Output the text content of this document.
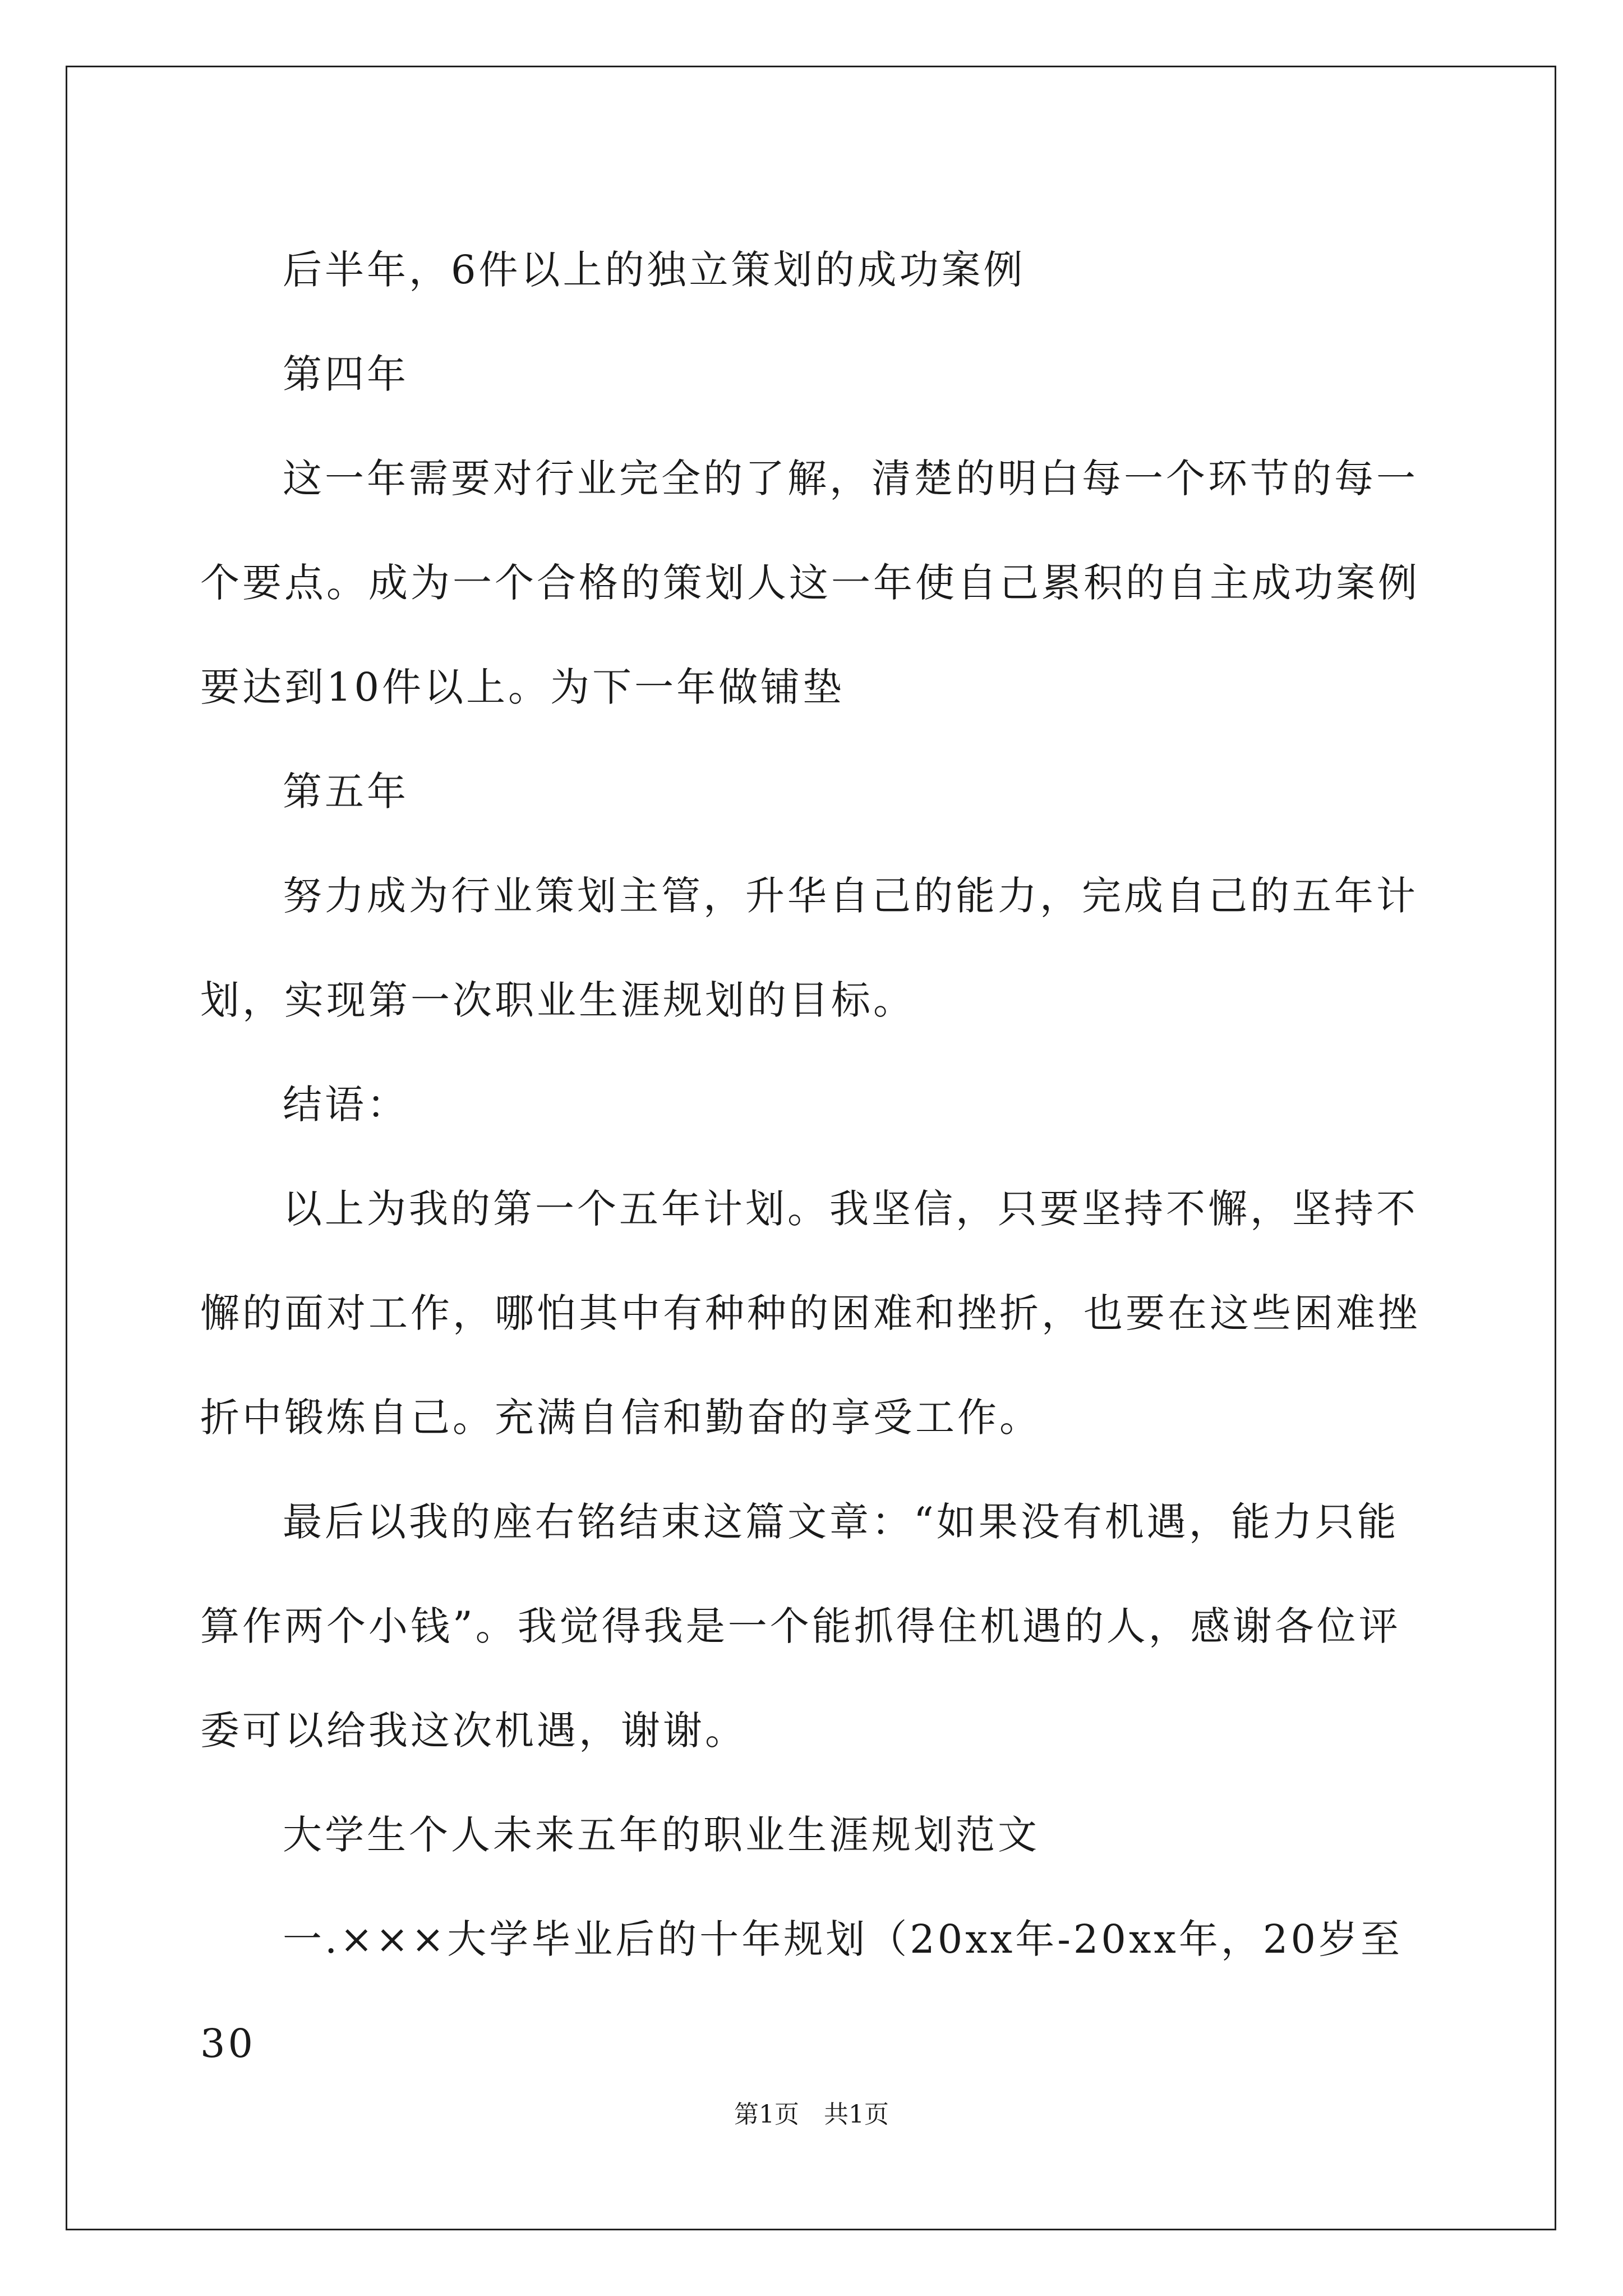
后半年，6件以上的独立策划的成功案例

第四年

这一年需要对行业完全的了解，清楚的明白每一个环节的每一个要点。成为一个合格的策划人这一年使自己累积的自主成功案例要达到10件以上。为下一年做铺垫

第五年

努力成为行业策划主管，升华自己的能力，完成自己的五年计划，实现第一次职业生涯规划的目标。

结语：

以上为我的第一个五年计划。我坚信，只要坚持不懈，坚持不懈的面对工作，哪怕其中有种种的困难和挫折，也要在这些困难挫折中锻炼自己。充满自信和勤奋的享受工作。

最后以我的座右铭结束这篇文章：“如果没有机遇，能力只能算作两个小钱”。我觉得我是一个能抓得住机遇的人，感谢各位评委可以给我这次机遇，谢谢。

大学生个人未来五年的职业生涯规划范文

一.×××大学毕业后的十年规划（20xx年-20xx年，20岁至30

第1页　共1页
